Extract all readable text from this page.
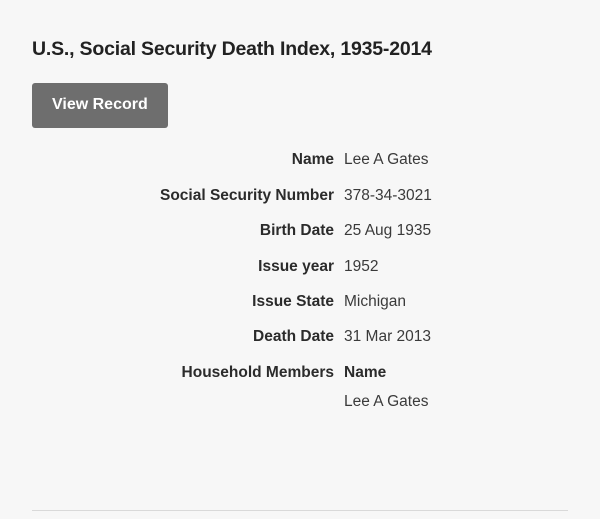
U.S., Social Security Death Index, 1935-2014
View Record
Name Lee A Gates
Social Security Number 378-34-3021
Birth Date 25 Aug 1935
Issue year 1952
Issue State Michigan
Death Date 31 Mar 2013
Household Members Name
Lee A Gates
